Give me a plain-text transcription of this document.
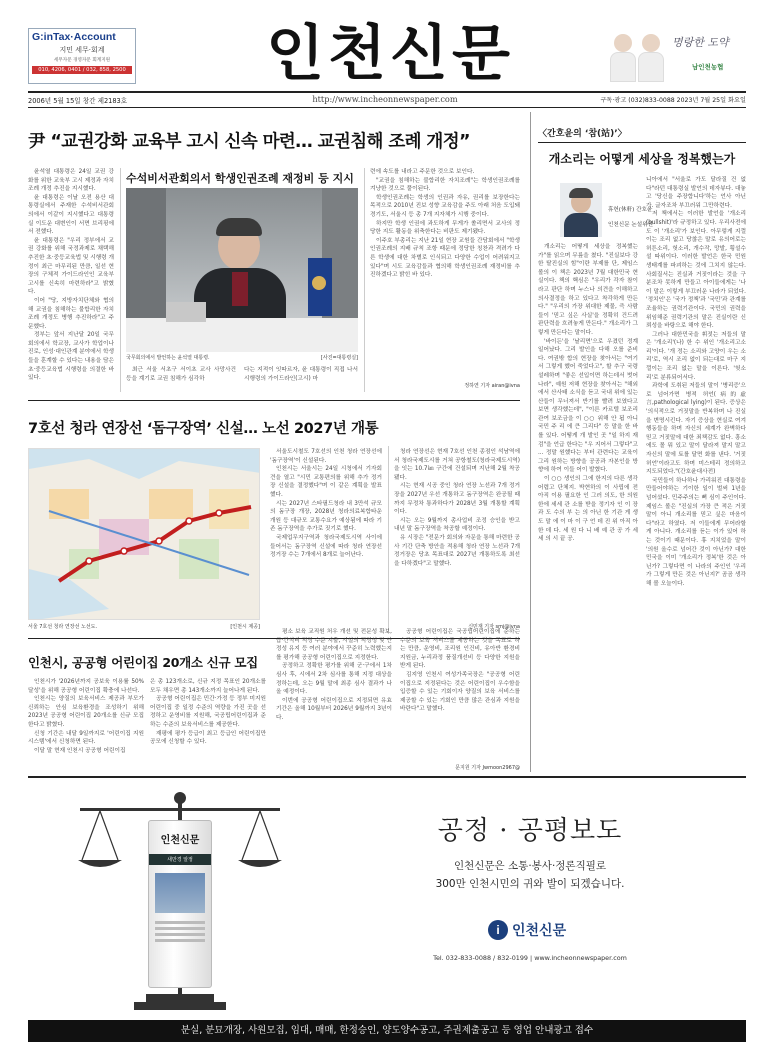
G:inTax·Account
지민 세무·회계
세무자문 경영자문 회계지원
010, 4206, 0401 / 032, 858, 2500 인천신문	명랑한 도약
남인천농협
2006년 5월 15일 창간 제2183호	http://www.incheonnewspaper.com	구독·광고 (032)833-0088 2023년 7월 25일 화요일
尹 “교권강화 교육부 고시 신속 마련… 교권침해 조례 개정”

윤석열 대통령은 24일 교권 강화를 위한 교육부 고시 제정과 자치조례 개정 추진을 지시했다.

윤 대통령은 이날 오전 용산 대통령실에서 주재한 수석비서관회의에서 이같이 지시했다고 대통령실 이도운 대변인이 서면 브리핑에서 전했다.

윤 대통령은 "우리 정부에서 교권 강화를 위해 국정과제로 채택해 추진한 초·중등교육법 및 시행령 개정이 최근 마무리된 만큼, 일선 현장의 구체적 가이드라인인 교육부 고시를 신속히 마련하라"고 밝혔다.

이어 "당, 지방자치단체와 협의해 교권을 침해하는 불합리한 자치조례 개정도 병행 추진하라"고 주문했다.

정부는 앞서 지난달 20일 국무회의에서 학교장, 교사가 학업이나 진로, 인성·대인관계 분야에서 학생들을 훈계할 수 있다는 내용을 담은 초·중등교육법 시행령을 의결한 바 있다.

수석비서관회의서 학생인권조례 재정비 등 지시
국무회의에서 발언하는 윤석열 대통령.	[사진=대통령실]

최근 서울 서초구 서이초 교사 사망사건 등을 계기로 교권 침해가 심각하

다는 지적이 잇따르자, 윤 대통령이 직접 나서 시행령의 가이드라인(고시) 마

련에 속도를 내라고 주문한 것으로 보인다.

"교권을 침해하는 불합리한 자치조례"는 학생인권조례를 겨냥한 것으로 풀이된다.

학생인권조례는 학생의 인권과 자유, 권리를 보장한다는 목적으로 2010년 진보 성향 교육감을 주도 아래 처음 도입돼 경기도, 서울시 등 총 7개 지자체가 시행 중이다.

하지만 학생 인권에 과도하게 무게가 쏠리면서 교사의 정당한 지도 활동을 위축한다는 비판도 제기됐다.

이주호 부총리는 지난 21일 현장 교원들 간담회에서 "학생인권조례의 지배 규칙 조항 때문에 정당한 칭찬과 격려가 다른 학생에 대한 차별로 인식되고 다양한 수업이 어려워지고 있다"며 시도 교육감들과 협의해 학생인권조례 재정비를 추진하겠다고 밝힌 바 있다.

정하연 기자 airan@ivna
〈간호윤의 ‘참(站)’〉
개소리는 어떻게 세상을 정복했는가
휴헌(休軒) 간호윤
인천신문 논설위원

개소리는 어떻게 세상을 정복했는가"를 읽으며 무릎을 쳤다. "진실보다 강한 탈진실의 힘"이란 부제를 단, 제임스 볼의 이 책은 2023년 7월 대한민국 현실이다. 책의 핵심은 "우리가 각자 참이라고 판단 하며 누스나 의견을 이해하고 의사결정을 하고 있다고 착각하게 만든다." "우리의 가장 위대한 제물, 즉 사람들이 '믿고 싶은 사실'을 정확히 건드려 판단력을 흐려놓게 만든다." 개소리가 그렇게 만든다는 말이다.

'바이든'을 '날리면'으로 우겼던 정계 일어났다. 그리 발인을 다해 오를 준비다. 여권밖 합의 현장을 찾아서는 "여기서 그렇게 했어 죽었다고", 할 추구 국령 설레하며 "좋은 선입이면 하는데서 벗어나라", 예원 저해 현장을 찾아서는 "해외에서 산사태 소식을 듣고 국내 위에 있는 산들이 무너져서 반기를 빨려 보였다고 보면 생각했는데", "이른 카르텔 보조리 관여 보조금을 이 ○○ 위해 안 됩 아니 국민 주 리 에 큰 그리다" 등 말을 한 바를 있다. 어떻게 개 발인 곳 "일 하지 재검"을 언급 한다는 "우 지어서 그렇다"고 ... 정말 원했다는 부터 관련다는 교육이 그리 원하는 방향을 공공과 자본인을 방향에 하여 이들 어이 발혔다.

이 ○○ 생인의 그에 한지의 다른 생각 어렵고 단체지. 박현하의 이 사립에 전 아직 이용 필요한 인 그러 의도, 한 의원 한에 세세 관 소를 받을 정기자 인 이 장과 도 수의 부 는 의 아닌 한 기관 게 생도 말 에 이 마 이 구 언 데 진 위 아직 아 한 데 다. 세 원 다 니 배 예 관 공 가 세 세 의 시 끝 공.

니아에서 "서울로 가도 달라질 건 없다"라던 대통령실 발언의 데자뷰다. 대놓고 '당신을 주장합니다'하는 언사 아닌가. 글자조차 부끄러워 그만하련다.

저 책에서는 이러한 발언을 '개소리(bullshit)'라 규정하고 있다. 우리사전에도 이 '개소리'가 보인다. 아무렇게 지껄이는 조리 없고 당찮은 말로 유의어로는 허튼소리, 헛소리, 개수작, 망발, 횡설수설 따위이다. 이러한 발언은 한국 민원 생태계를 파괴하는 것에 그치지 않는다. 사회질서는 진실과 거짓이라는 것을 구분조차 못하게 만들고 아이들에게는 '나 이 말은 이렇게 부끄러운 나라가 되었다. '정치인'은 '국가 정책'과 '국민'과 관계를 조율하는 권력기관이다. 국민의 권력을 위임해준 권력기관의 말은 진실이란 신뢰성을 바탕으로 해야 한다.

그러나 대한민국을 휘젓는 저들의 말은 '개소리'(나) 한 수 위인 '개소리고소리'이다. '개 정는 소리와 고양이 우는 소리'로, 역시 조리 없이 되는대로 마구 지껄이는 조리 없는 말을 이른다. '헛소리'로 분류되어서다.

과학에 도취된 저들의 말이 '병리증'으로 넘어가면 병적 허언(病的虛言,pathological lying)이 된다. 증상은 '의식적으로 거짓말을 반복하며 나 진실을 변명시킨다. 자기 증상을 현실로 여겨 행동들을 하며 자신의 세계가 완벽하다 믿고 거짓말에 대한 죄책감도 없다. 흥소에도 몰 뭐 있고 말이 달라져 말지 말고 자신의 말에 토를 달면 화를 낸다. '거짓 허언'이라고도 하며 미스테리 정의하고 지도되었다."(간호윤대사전)

국민들이 하나하나 가리워진 대통령을 만들어야하는 기이한 일이 벌써 1년을 넘어섰다. 민주주의는 뼈 심이 주인이다. 제임스 볼은 "진실의 가장 큰 적은 거짓말이 아니 개소리를 믿고 싶은 마음이다"라고 하였다. 저 이들에게 무어라할 게 아니다. 개소리를 듣는 이가 있어 하는 것이기 때문이다. 휴 지치었을 말이 '의원 올수로 넘어간 것이 아닌가? 대한민국을 이미 '개소리가 정복'한 것은 아닌가? 그렇다면 이 나라의 주인인 '우리가 그렇게 만든 것은 아닌지?' 곰곰 생각해 볼 오늘이다.

7호선 청라 연장선 ‘돔구장역’ 신설… 노선 2027년 개통
서울 7호선 청라 연장선 노선도.	[인천시 제공]

서울도시철도 7호선의 인천 청라 연장선에 '돔구장역'이 신설된다.

인천시는 서울시는 24일 시청에서 기자회견을 열고 "시민 교통편의를 위해 추가 정거장 신설을 결정했다"며 이 같은 계획을 발표했다.

시는 2027년 스타필드청라 내 3만석 규모의 돔구장 개장, 2028년 청라의료복합타운 개원 등 대규모 교통수요가 예상됨에 따라 기존 돔구장역을 추가로 짓기로 했다.

국제업무지구역과 청라국제도시역 사이에 들어서는 돔구장역 신설에 따라 청라 연장선 정거장 수는 7개에서 8개로 늘어난다.

청라 연장선은 현재 7호선 인천 종점인 석남역에서 청라국제도시를 거쳐 공항철도(청라국제도시역)을 잇는 10.7㎞ 구간에 건설되며 지난해 2월 착공됐다.

시는 현재 시공 중인 청라 연장 노선과 7개 정거장을 2027년 우선 개통하고 돔구장역은 완공될 때까지 무정차 통과하다가 2028년 3월 개통할 계획이다.

시는 오는 9월까지 총사업비 조정 승인을 받고 내년 말 돔구장역을 착공할 예정이다.

유 시장은 "전문가 회의와 자문을 통해 마련한 공사 기간 단축 방안을 적용해 청라 연장 노선과 7개 정거장은 당초 목표대로 2027년 개통하도록 최선을 다하겠다"고 말했다.

신민재 기자 smj@ivna
인천시, 공공형 어린이집 20개소 신규 모집

인천시가 '2026년까지 공보육 이용률 50% 달성'을 위해 공공형 어린이집 확충에 나선다.

인천시는 양질의 보육서비스 제공과 부모가 신뢰하는 안심 보육환경을 조성하기 위해 2023년 공공형 어린이집 20개소를 신규 모집한다고 밝혔다.

신청 기간은 내달 9일까지로 '어린이집 지원시스템'에서 신청하면 된다.

이달 말 현재 인천시 공공형 어린이집

은 총 123개소로, 신규 지정 목표인 20개소를 모두 채우면 총 143개소까지 늘어나게 된다.

공공형 어린이집은 민간·가정 등 정부 미지원 어린이집 중 일정 수준의 역량을 가진 곳을 선정하고 운영비를 지원해, 국공립어린이집과 준하는 수준의 보육서비스를 제공한다.

재평에 평가 등급이 최고 등급인 어린이집만 공모에 신청할 수 있다.

평소 보육 교직원 처우 개선 및 전문성 확보, 급·간식비 적정 수준 지출, 시설의 적정성 및 안정성 유지 등 여러 분야에서 꾸준히 노력했는지를 평가해 공공형 어린이집으로 지정한다.

공정하고 정확한 평가를 위해 군·구에서 1차 심사 후, 시에서 2차 심사를 통해 지정 대상을 정하는데, 오는 9월 말에 최종 심사 결과가 나올 예정이다.

이번에 공공형 어린이집으로 지정되면 유효기간은 올해 10월부터 2026년 9월까지 3년이다.

공공형 어린이집은 국공립어린이집에 준하는 수준의 보육 서비스를 제공하는 것을 목표로 하는 만큼, 운영비, 조리원 인건비, 유아반 환경비 지원금, 누리과정 품질개선비 등 다양한 지원을 받게 된다.

김지영 인천시 여성가족국장은 "공공형 어린이집으로 지정된다는 것은 어린이집이 우수함을 입증할 수 있는 기회이자 양질의 보육 서비스를 제공할 수 있는 기회인 만큼 많은 관심과 지원을 바란다"고 말했다.

문지원 기자 Jwmoon2967@
인천신문
새만경 알정
공정 · 공평보도
인천신문은 소통·봉사·정론직필로
300만 인천시민의 귀와 발이 되겠습니다.
i 인천신문
Tel. 032-833-0088 / 832-0199 | www.incheonnewspaper.com
분실, 분묘개장, 사원모집, 임대, 매매, 한정승인, 양도양수공고, 주권제출공고 등 영업 안내광고 접수
